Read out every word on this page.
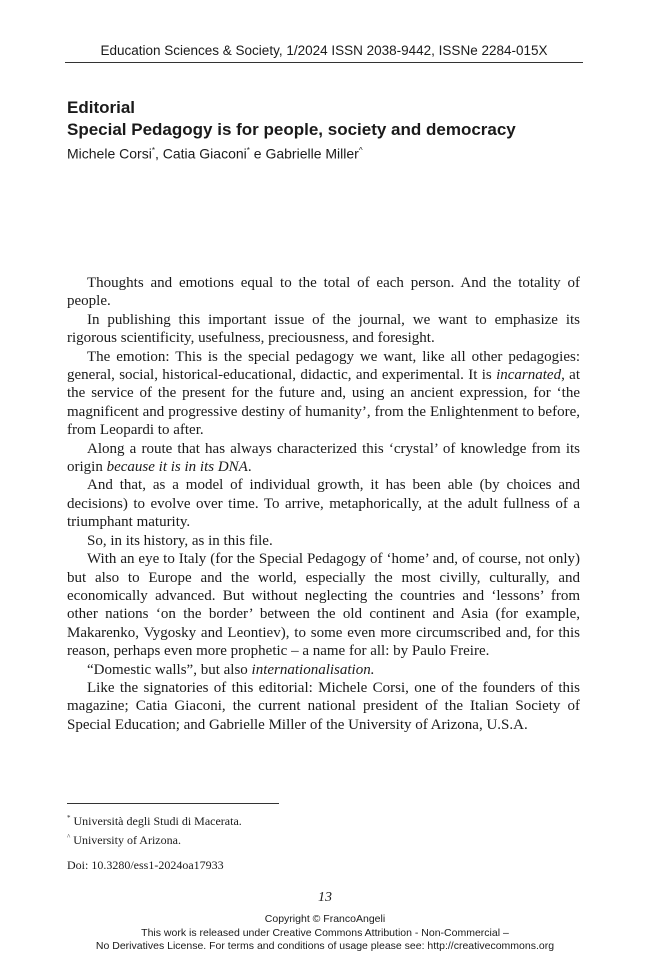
Education Sciences & Society, 1/2024 ISSN 2038-9442, ISSNe 2284-015X
Editorial
Special Pedagogy is for people, society and democracy
Michele Corsi*, Catia Giaconi* e Gabrielle Miller^

Thoughts and emotions equal to the total of each person. And the totality of people.

In publishing this important issue of the journal, we want to emphasize its rigorous scientificity, usefulness, preciousness, and foresight.

The emotion: This is the special pedagogy we want, like all other pedagogies: general, social, historical-educational, didactic, and experimental. It is incarnated, at the service of the present for the future and, using an ancient expression, for ‘the magnificent and progressive destiny of humanity’, from the Enlightenment to before, from Leopardi to after.

Along a route that has always characterized this ‘crystal’ of knowledge from its origin because it is in its DNA.

And that, as a model of individual growth, it has been able (by choices and decisions) to evolve over time. To arrive, metaphorically, at the adult fullness of a triumphant maturity.

So, in its history, as in this file.

With an eye to Italy (for the Special Pedagogy of ‘home’ and, of course, not only) but also to Europe and the world, especially the most civilly, culturally, and economically advanced. But without neglecting the countries and ‘lessons’ from other nations ‘on the border’ between the old continent and Asia (for example, Makarenko, Vygosky and Leontiev), to some even more circumscribed and, for this reason, perhaps even more prophetic – a name for all: by Paulo Freire.

“Domestic walls”, but also internationalisation.

Like the signatories of this editorial: Michele Corsi, one of the founders of this magazine; Catia Giaconi, the current national president of the Italian Society of Special Education; and Gabrielle Miller of the University of Arizona, U.S.A.

* Università degli Studi di Macerata.
^ University of Arizona.
Doi: 10.3280/ess1-2024oa17933
13
Copyright © FrancoAngeli
This work is released under Creative Commons Attribution - Non-Commercial –
No Derivatives License. For terms and conditions of usage please see: http://creativecommons.org
